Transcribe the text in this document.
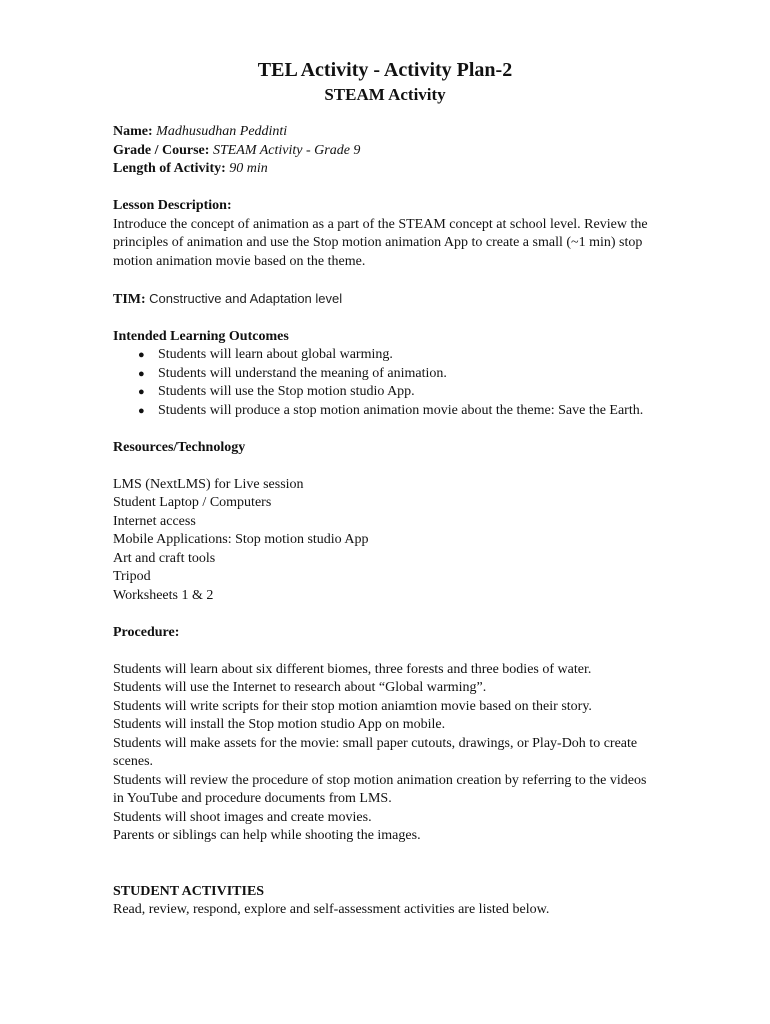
TEL Activity - Activity Plan-2
STEAM Activity

Name: Madhusudhan Peddinti

Grade / Course: STEAM Activity - Grade 9

Length of Activity: 90 min

Lesson Description:

Introduce the concept of animation as a part of the STEAM concept at school level. Review the principles of animation and use the Stop motion animation App to create a small (~1 min) stop motion animation movie based on the theme.

TIM: Constructive and Adaptation level

Intended Learning Outcomes

● Students will learn about global warming.
● Students will understand the meaning of animation.
● Students will use the Stop motion studio App.
● Students will produce a stop motion animation movie about the theme: Save the Earth.

Resources/Technology

LMS (NextLMS) for Live session

Student Laptop / Computers

Internet access

Mobile Applications: Stop motion studio App

Art and craft tools

Tripod

Worksheets 1 & 2

Procedure:

Students will learn about six different biomes, three forests and three bodies of water.

Students will use the Internet to research about “Global warming”.

Students will write scripts for their stop motion aniamtion movie based on their story.

Students will install the Stop motion studio App on mobile.

Students will make assets for the movie: small paper cutouts, drawings, or Play-Doh to create scenes.

Students will review the procedure of stop motion animation creation by referring to the videos in YouTube and procedure documents from LMS.

Students will shoot images and create movies.

Parents or siblings can help while shooting the images.

STUDENT ACTIVITIES

Read, review, respond, explore and self-assessment activities are listed below.
